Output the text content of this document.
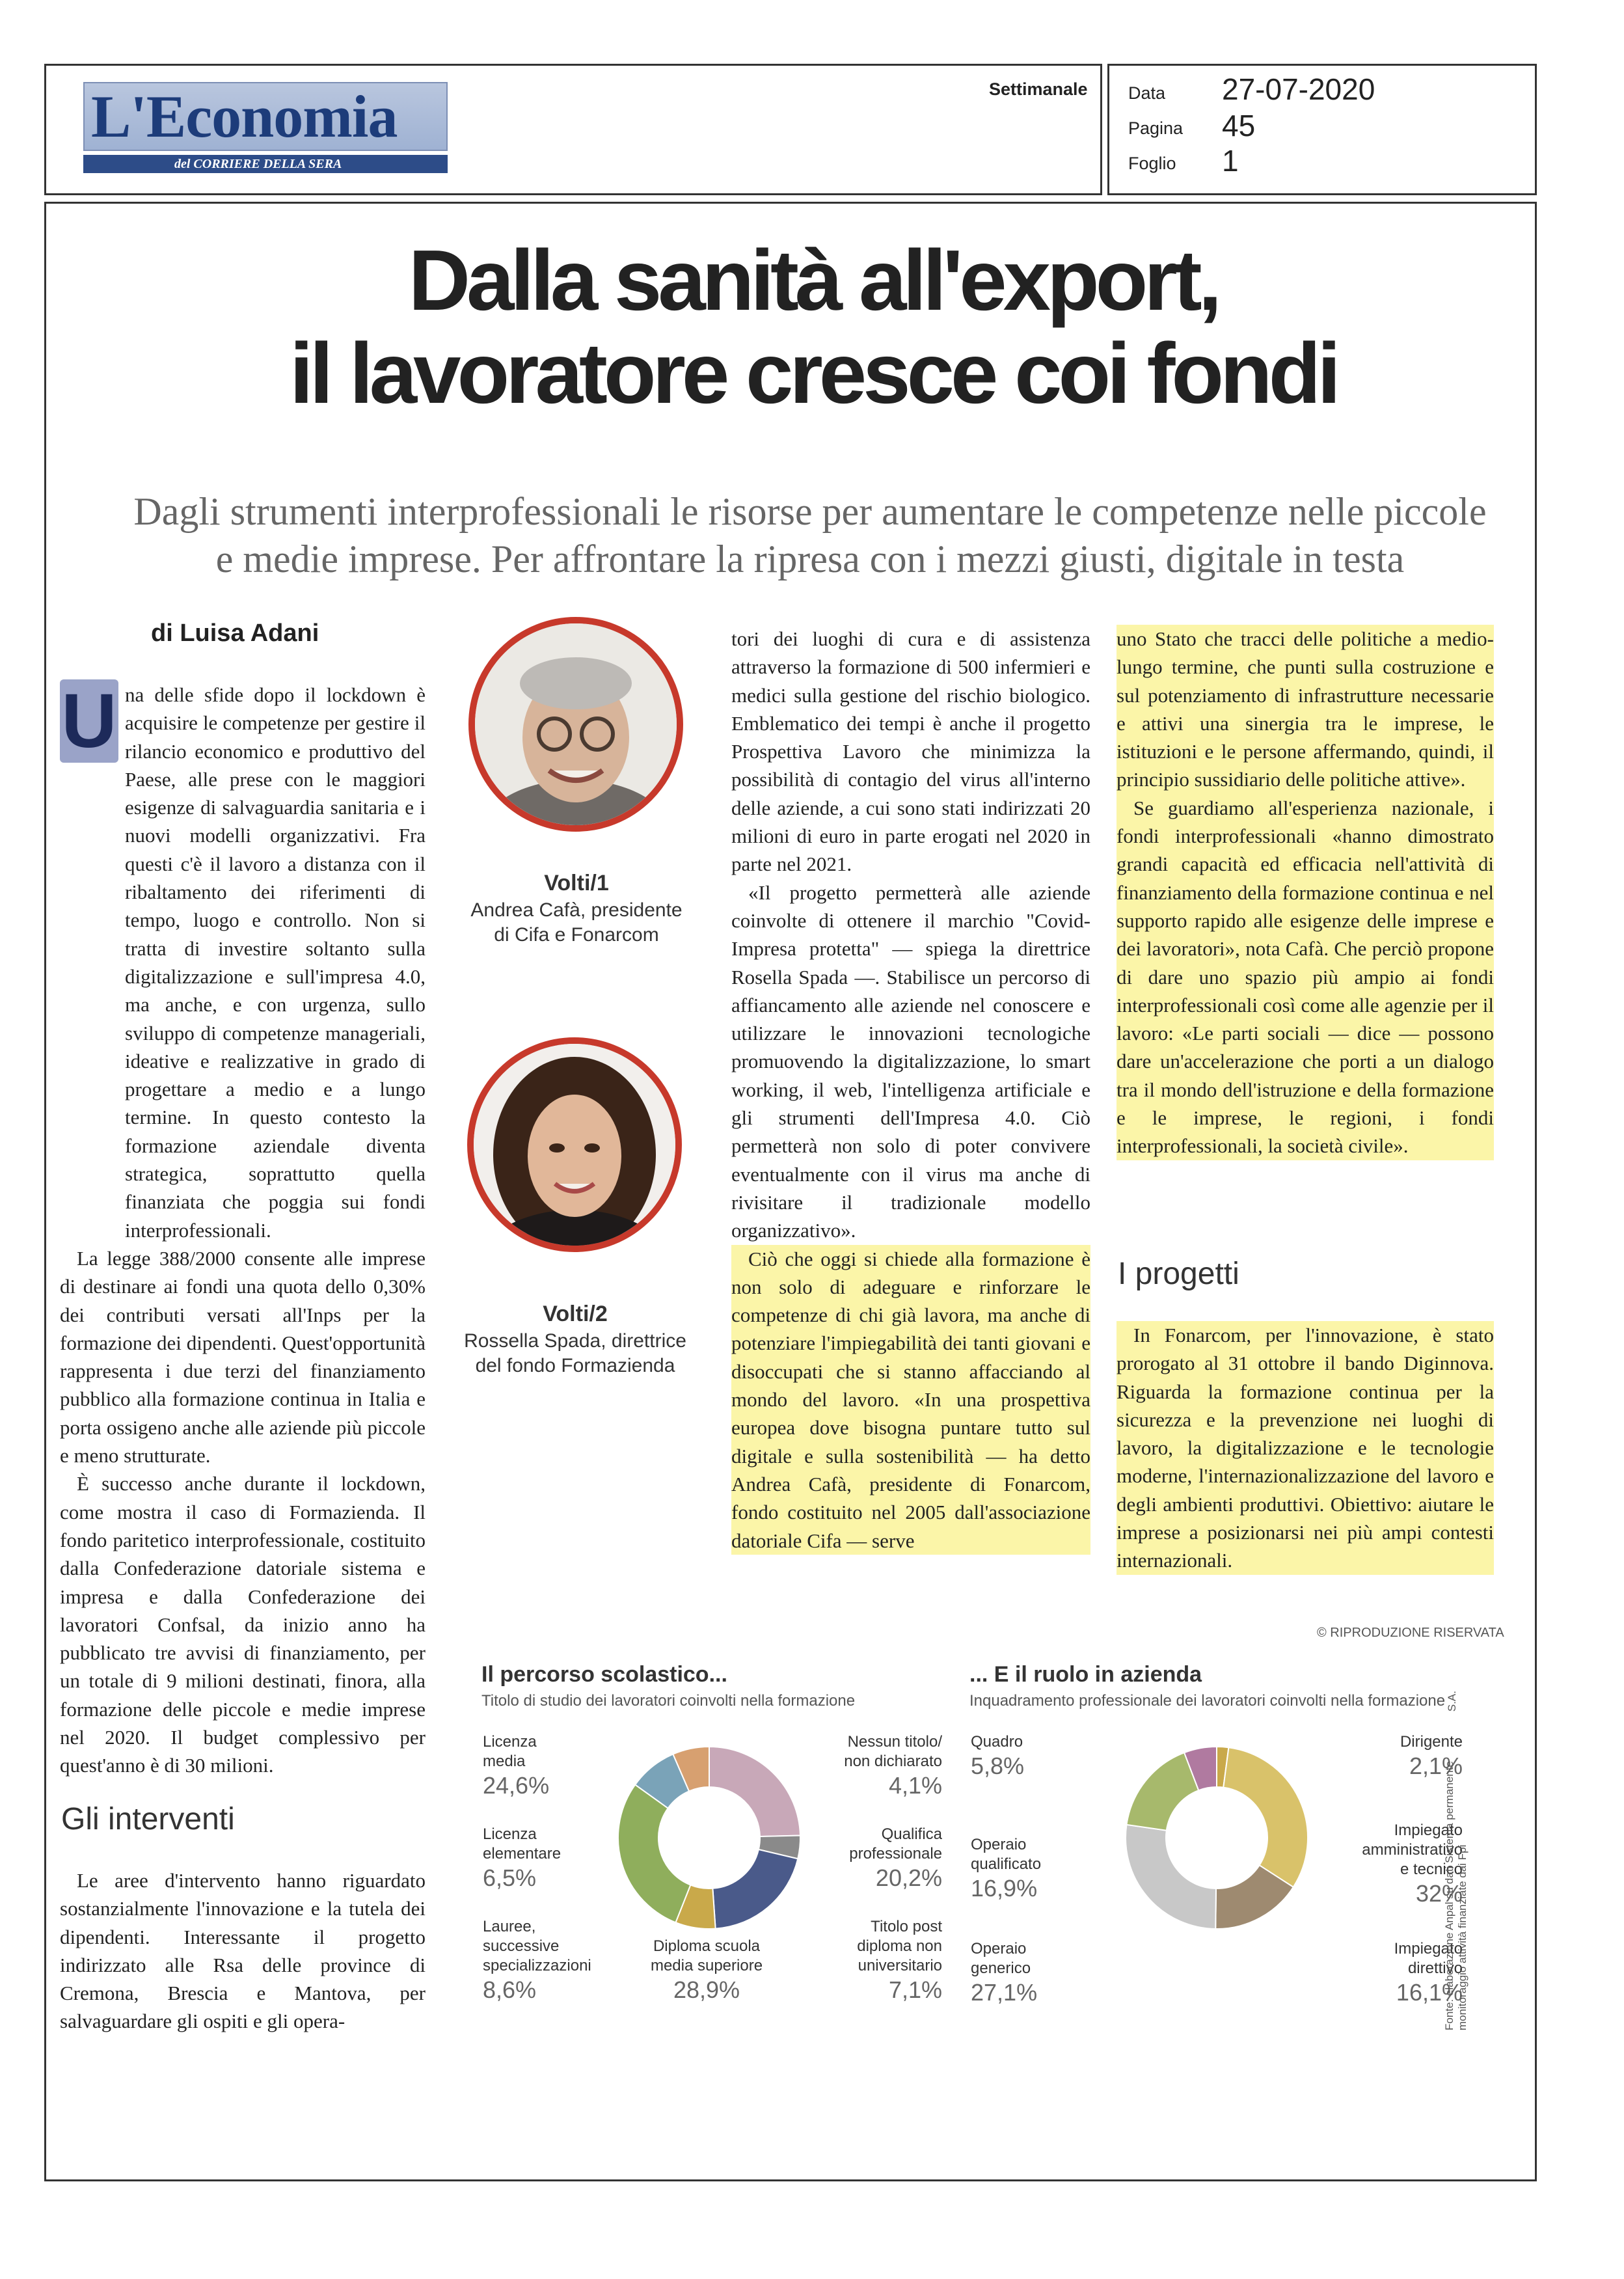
L'Economia
del CORRIERE DELLA SERA
Settimanale Data 27-07-2020
Pagina 45
Foglio 1
Dalla sanità all'export,
il lavoratore cresce coi fondi
Dagli strumenti interprofessionali le risorse per aumentare le competenze nelle piccole
e medie imprese. Per affrontare la ripresa con i mezzi giusti, digitale in testa
di Luisa Adani

na delle sfide dopo il lockdown è acquisire le competenze per gestire il rilancio economico e produttivo del Paese, alle prese con le maggiori esigenze di salvaguardia sanitaria e i nuovi modelli organizzativi. Fra questi c'è il lavoro a distanza con il ribaltamento dei riferimenti di tempo, luogo e controllo. Non si tratta di investire soltanto sulla digitalizzazione e sull'impresa 4.0, ma anche, e con urgenza, sullo sviluppo di competenze manageriali, ideative e realizzative in grado di progettare a medio e a lungo termine. In questo contesto la formazione aziendale diventa strategica, soprattutto quella finanziata che poggia sui fondi interprofessionali.

La legge 388/2000 consente alle imprese di destinare ai fondi una quota dello 0,30% dei contributi versati all'Inps per la formazione dei dipendenti. Quest'opportunità rappresenta i due terzi del finanziamento pubblico alla formazione continua in Italia e porta ossigeno anche alle aziende più piccole e meno strutturate.

È successo anche durante il lockdown, come mostra il caso di Formazienda. Il fondo paritetico interprofessionale, costituito dalla Confederazione datoriale sistema e impresa e dalla Confederazione dei lavoratori Confsal, da inizio anno ha pubblicato tre avvisi di finanziamento, per un totale di 9 milioni destinati, finora, alla formazione delle piccole e medie imprese nel 2020. Il budget complessivo per quest'anno è di 30 milioni.

U
Gli interventi

Le aree d'intervento hanno riguardato sostanzialmente l'innovazione e la tutela dei dipendenti. Interessante il progetto indirizzato alle Rsa delle province di Cremona, Brescia e Mantova, per salvaguardare gli ospiti e gli opera-

Volti/1
Andrea Cafà, presidente
di Cifa e Fonarcom
Volti/2
Rossella Spada, direttrice
del fondo Formazienda

tori dei luoghi di cura e di assistenza attraverso la formazione di 500 infermieri e medici sulla gestione del rischio biologico. Emblematico dei tempi è anche il progetto Prospettiva Lavoro che minimizza la possibilità di contagio del virus all'interno delle aziende, a cui sono stati indirizzati 20 milioni di euro in parte erogati nel 2020 in parte nel 2021.

«Il progetto permetterà alle aziende coinvolte di ottenere il marchio "Covid-Impresa protetta" — spiega la direttrice Rosella Spada —. Stabilisce un percorso di affiancamento alle aziende nel conoscere e utilizzare le innovazioni tecnologiche promuovendo la digitalizzazione, lo smart working, il web, l'intelligenza artificiale e gli strumenti dell'Impresa 4.0. Ciò permetterà non solo di poter convivere eventualmente con il virus ma anche di rivisitare il tradizionale modello organizzativo».

Ciò che oggi si chiede alla formazione è non solo di adeguare e rinforzare le competenze di chi già lavora, ma anche di potenziare l'impiegabilità dei tanti giovani e disoccupati che si stanno affacciando al mondo del lavoro. «In una prospettiva europea dove bisogna puntare tutto sul digitale e sulla sostenibilità — ha detto Andrea Cafà, presidente di Fonarcom, fondo costituito nel 2005 dall'associazione datoriale Cifa — serve

uno Stato che tracci delle politiche a medio-lungo termine, che punti sulla costruzione e sul potenziamento di infrastrutture necessarie e attivi una sinergia tra le imprese, le istituzioni e le persone affermando, quindi, il principio sussidiario delle politiche attive».

Se guardiamo all'esperienza nazionale, i fondi interprofessionali «hanno dimostrato grandi capacità ed efficacia nell'attività di finanziamento della formazione continua e nel supporto rapido alle esigenze delle imprese e dei lavoratori», nota Cafà. Che perciò propone di dare uno spazio più ampio ai fondi interprofessionali così come alle agenzie per il lavoro: «Le parti sociali — dice — possono dare un'accelerazione che porti a un dialogo tra il mondo dell'istruzione e della formazione e le imprese, le regioni, i fondi interprofessionali, la società civile».

I progetti

In Fonarcom, per l'innovazione, è stato prorogato al 31 ottobre il bando Diginnova. Riguarda la formazione continua per la sicurezza e la prevenzione nei luoghi di lavoro, la digitalizzazione e le tecnologie moderne, l'internazionalizzazione del lavoro e degli ambienti produttivi. Obiettivo: aiutare le imprese a posizionarsi nei più ampi contesti internazionali.

© RIPRODUZIONE RISERVATA
Il percorso scolastico...
Titolo di studio dei lavoratori coinvolti nella formazione
... E il ruolo in azienda
Inquadramento professionale dei lavoratori coinvolti nella formazione
Licenza
media
24,6%
Nessun titolo/
non dichiarato
4,1%
Licenza
elementare
6,5%
Qualifica
professionale
20,2%
Lauree,
successive
specializzazioni
8,6%
Diploma scuola
media superiore
28,9%
Titolo post
diploma non
universitario
7,1%
Quadro
5,8%
Dirigente
2,1%
Operaio
qualificato
16,9%
Impiegato
amministrativo
e tecnico
32%
Operaio
generico
27,1%
Impiegato
direttivo
16,1%
S.A.
Fonte: elaborazione Anpal su dati Sistema permanente monitoraggio attività finanziate dai Fpi
